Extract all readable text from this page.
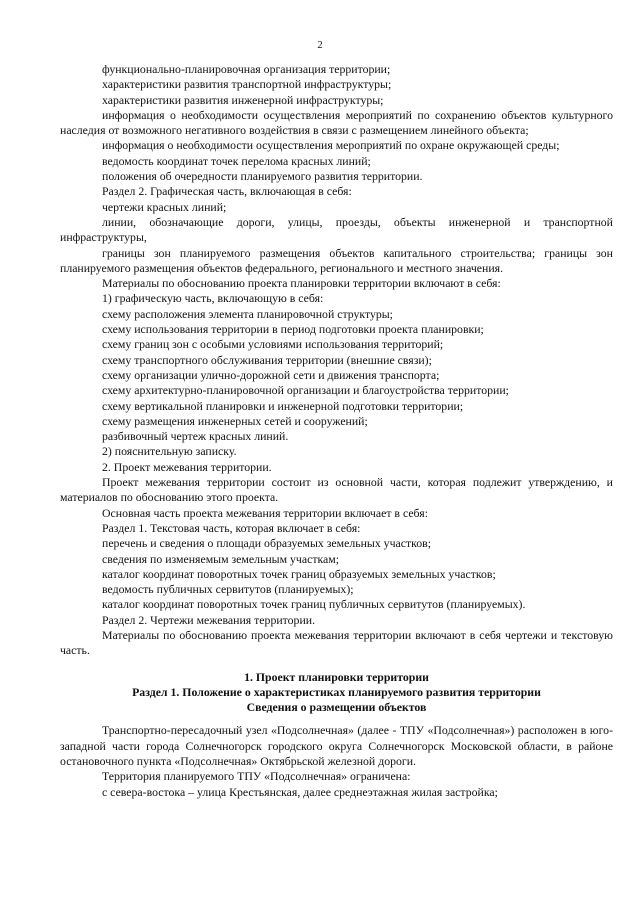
2

функционально-планировочная организация территории;

характеристики развития транспортной инфраструктуры;

характеристики развития инженерной инфраструктуры;

информация о необходимости осуществления мероприятий по сохранению объектов культурного наследия от возможного негативного воздействия в связи с размещением линейного объекта;

информация о необходимости осуществления мероприятий по охране окружающей среды;

ведомость координат точек перелома красных линий;

положения об очередности планируемого развития территории.

Раздел 2. Графическая часть, включающая в себя:

чертежи красных линий;

линии, обозначающие дороги, улицы, проезды, объекты инженерной и транспортной инфраструктуры,

границы зон планируемого размещения объектов капитального строительства; границы зон планируемого размещения объектов федерального, регионального и местного значения.

Материалы по обоснованию проекта планировки территории включают в себя:

1) графическую часть, включающую в себя:

схему расположения элемента планировочной структуры;

схему использования территории в период подготовки проекта планировки;

схему границ зон с особыми условиями использования территорий;

схему транспортного обслуживания территории (внешние связи);

схему организации улично-дорожной сети и движения транспорта;

схему архитектурно-планировочной организации и благоустройства территории;

схему вертикальной планировки и инженерной подготовки территории;

схему размещения инженерных сетей и сооружений;

разбивочный чертеж красных линий.

2) пояснительную записку.

2. Проект межевания территории.

Проект межевания территории состоит из основной части, которая подлежит утверждению, и материалов по обоснованию этого проекта.

Основная часть проекта межевания территории включает в себя:

Раздел 1. Текстовая часть, которая включает в себя:

перечень и сведения о площади образуемых земельных участков;

сведения по изменяемым земельным участкам;

каталог координат поворотных точек границ образуемых земельных участков;

ведомость публичных сервитутов (планируемых);

каталог координат поворотных точек границ публичных сервитутов (планируемых).

Раздел 2. Чертежи межевания территории.

Материалы по обоснованию проекта межевания территории включают в себя чертежи и текстовую часть.

1. Проект планировки территории
Раздел 1. Положение о характеристиках планируемого развития территории
Сведения о размещении объектов

Транспортно-пересадочный узел «Подсолнечная» (далее - ТПУ «Подсолнечная») расположен в юго-западной части города Солнечногорск городского округа Солнечногорск Московской области, в районе остановочного пункта «Подсолнечная» Октябрьской железной дороги.

Территория планируемого ТПУ «Подсолнечная» ограничена:

с севера-востока – улица Крестьянская, далее среднеэтажная жилая застройка;
